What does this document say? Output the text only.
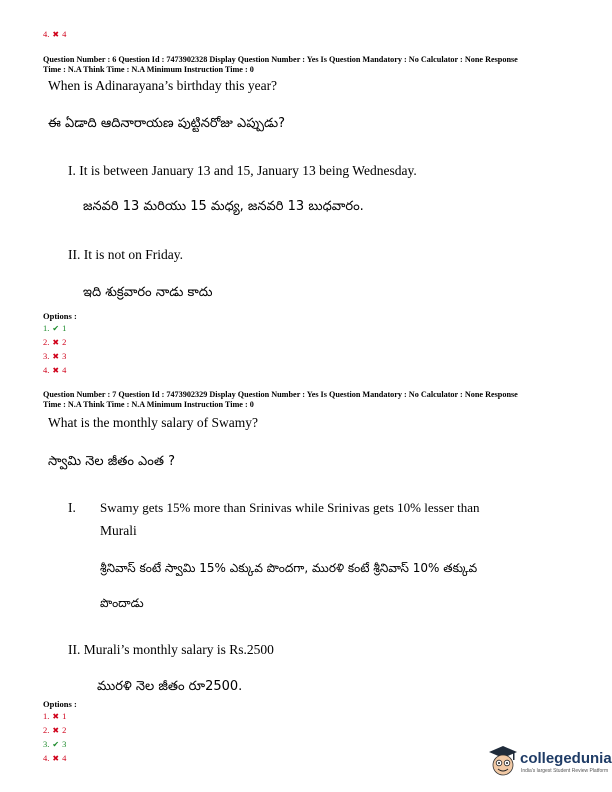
4. ✖ 4
Question Number : 6 Question Id : 7473902328 Display Question Number : Yes Is Question Mandatory : No Calculator : None Response
Time : N.A Think Time : N.A Minimum Instruction Time : 0
When is Adinarayana’s birthday this year?
ఈ ఏడాది ఆదినారాయణ పుట్టినరోజు ఎప్పుడు?
I. It is between January 13 and 15, January 13 being Wednesday.
జనవరి 13 మరియు 15 మధ్య, జనవరి 13 బుధవారం.
II. It is not on Friday.
ఇది శుక్రవారం నాడు కాదు
Options :
1. ✔ 1
2. ✖ 2
3. ✖ 3
4. ✖ 4
Question Number : 7 Question Id : 7473902329 Display Question Number : Yes Is Question Mandatory : No Calculator : None Response
Time : N.A Think Time : N.A Minimum Instruction Time : 0
What is the monthly salary of Swamy?
స్వామి నెల జీతం ఎంత ?
I. Swamy gets 15% more than Srinivas while Srinivas gets 10% lesser than
Murali
శ్రీనివాస్ కంటే స్వామి 15% ఎక్కువ పొందగా, మురళి కంటే శ్రీనివాస్ 10% తక్కువ
పొందాడు
II. Murali’s monthly salary is Rs.2500
మురళి నెల జీతం రూ2500.
Options :
1. ✖ 1
2. ✖ 2
3. ✔ 3
4. ✖ 4	collegedunia
India's largest Student Review Platform
